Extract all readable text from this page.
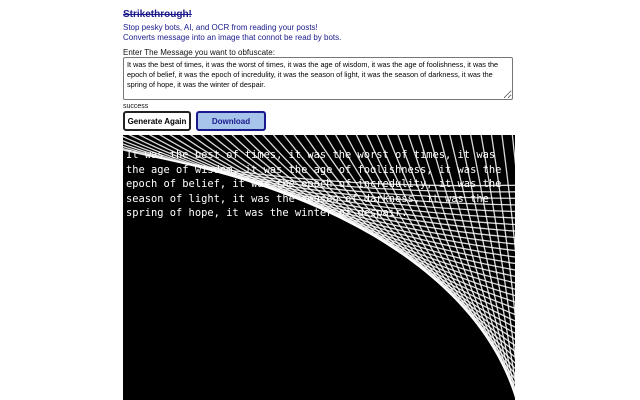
Strikethrough!
Stop pesky bots, AI, and OCR from reading your posts!
Converts message into an image that connot be read by bots.
Enter The Message you want to obfuscate:
It was the best of times, it was the worst of times, it was the age of wisdom, it was the age of foolishness, it was the epoch of belief, it was the epoch of incredulity, it was the season of light, it was the season of darkness, it was the spring of hope, it was the winter of despair.
success
Generate Again	Download
It was the best of times, it was the worst of times, it was the age of wisdom, it was the age of foolishness, it was the epoch of belief, it was the epoch of incredulity, it was the season of light, it was the season of darkness, it was the spring of hope, it was the winter of despair.
